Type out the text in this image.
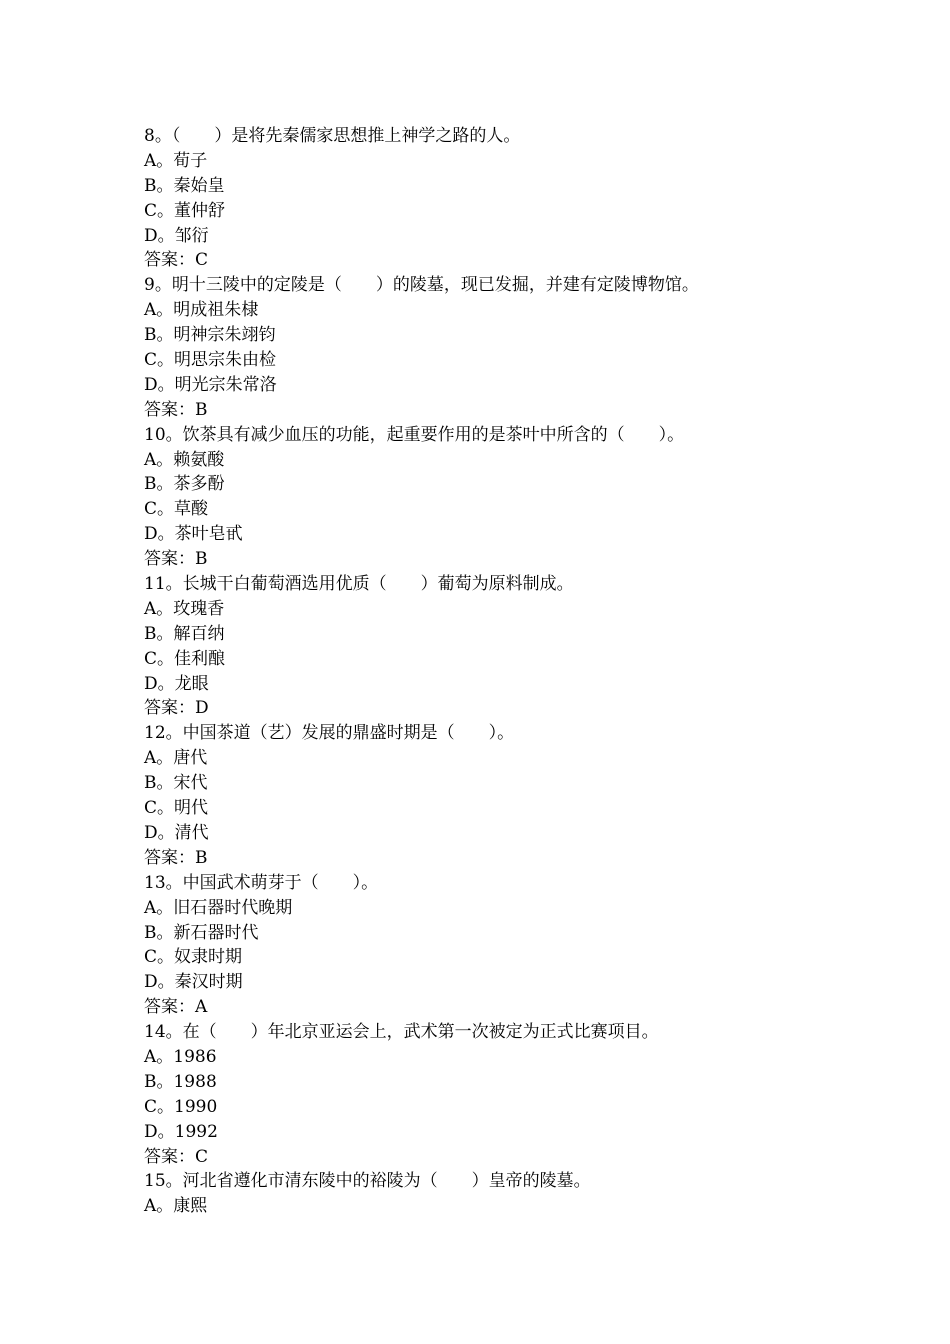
8。（　　）是将先秦儒家思想推上神学之路的人。
A。荀子
B。秦始皇
C。董仲舒
D。邹衍
答案：C
9。明十三陵中的定陵是（　　）的陵墓，现已发掘，并建有定陵博物馆。
A。明成祖朱棣
B。明神宗朱翊钧
C。明思宗朱由检
D。明光宗朱常洛
答案：B
10。饮茶具有减少血压的功能，起重要作用的是茶叶中所含的（　　）。
A。赖氨酸
B。茶多酚
C。草酸
D。茶叶皂甙
答案：B
11。长城干白葡萄酒选用优质（　　）葡萄为原料制成。
A。玫瑰香
B。解百纳
C。佳利酿
D。龙眼
答案：D
12。中国茶道（艺）发展的鼎盛时期是（　　）。
A。唐代
B。宋代
C。明代
D。清代
答案：B
13。中国武术萌芽于（　　）。
A。旧石器时代晚期
B。新石器时代
C。奴隶时期
D。秦汉时期
答案：A
14。在（　　）年北京亚运会上，武术第一次被定为正式比赛项目。
A。1986
B。1988
C。1990
D。1992
答案：C
15。河北省遵化市清东陵中的裕陵为（　　）皇帝的陵墓。
A。康熙
